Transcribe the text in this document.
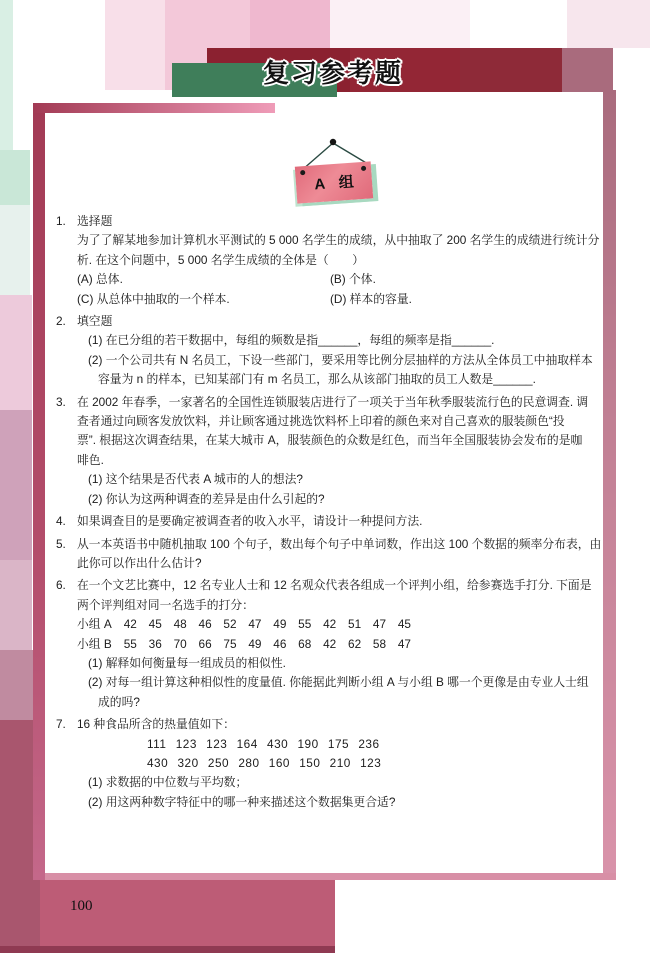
复习参考题
A 组
1. 选择题
为了了解某地参加计算机水平测试的 5 000 名学生的成绩，从中抽取了 200 名学生的成绩进行统计分
析. 在这个问题中，5 000 名学生成绩的全体是（　　）
(A) 总体.	(B) 个体.
(C) 从总体中抽取的一个样本.	(D) 样本的容量.
2. 填空题
(1) 在已分组的若干数据中，每组的频数是指______，每组的频率是指______.
(2) 一个公司共有 N 名员工，下设一些部门，要采用等比例分层抽样的方法从全体员工中抽取样本
容量为 n 的样本，已知某部门有 m 名员工，那么从该部门抽取的员工人数是______.
3. 在 2002 年春季，一家著名的全国性连锁服装店进行了一项关于当年秋季服装流行色的民意调查. 调
查者通过向顾客发放饮料，并让顾客通过挑选饮料杯上印着的颜色来对自己喜欢的服装颜色“投
票”. 根据这次调查结果，在某大城市 A，服装颜色的众数是红色，而当年全国服装协会发布的是咖
啡色.
(1) 这个结果是否代表 A 城市的人的想法?
(2) 你认为这两种调查的差异是由什么引起的?
4. 如果调查目的是要确定被调查者的收入水平，请设计一种提问方法.
5. 从一本英语书中随机抽取 100 个句子，数出每个句子中单词数，作出这 100 个数据的频率分布表，由
此你可以作出什么估计?
6. 在一个文艺比赛中，12 名专业人士和 12 名观众代表各组成一个评判小组，给参赛选手打分. 下面是
两个评判组对同一名选手的打分：
小组 A 42 45 48 46 52 47 49 55 42 51 47 45
小组 B 55 36 70 66 75 49 46 68 42 62 58 47
(1) 解释如何衡量每一组成员的相似性.
(2) 对每一组计算这种相似性的度量值. 你能据此判断小组 A 与小组 B 哪一个更像是由专业人士组
成的吗?
7. 16 种食品所含的热量值如下：
111  123  123  164  430  190  175  236
430  320  250  280  160  150  210  123
(1) 求数据的中位数与平均数；
(2) 用这两种数字特征中的哪一种来描述这个数据集更合适?
100
